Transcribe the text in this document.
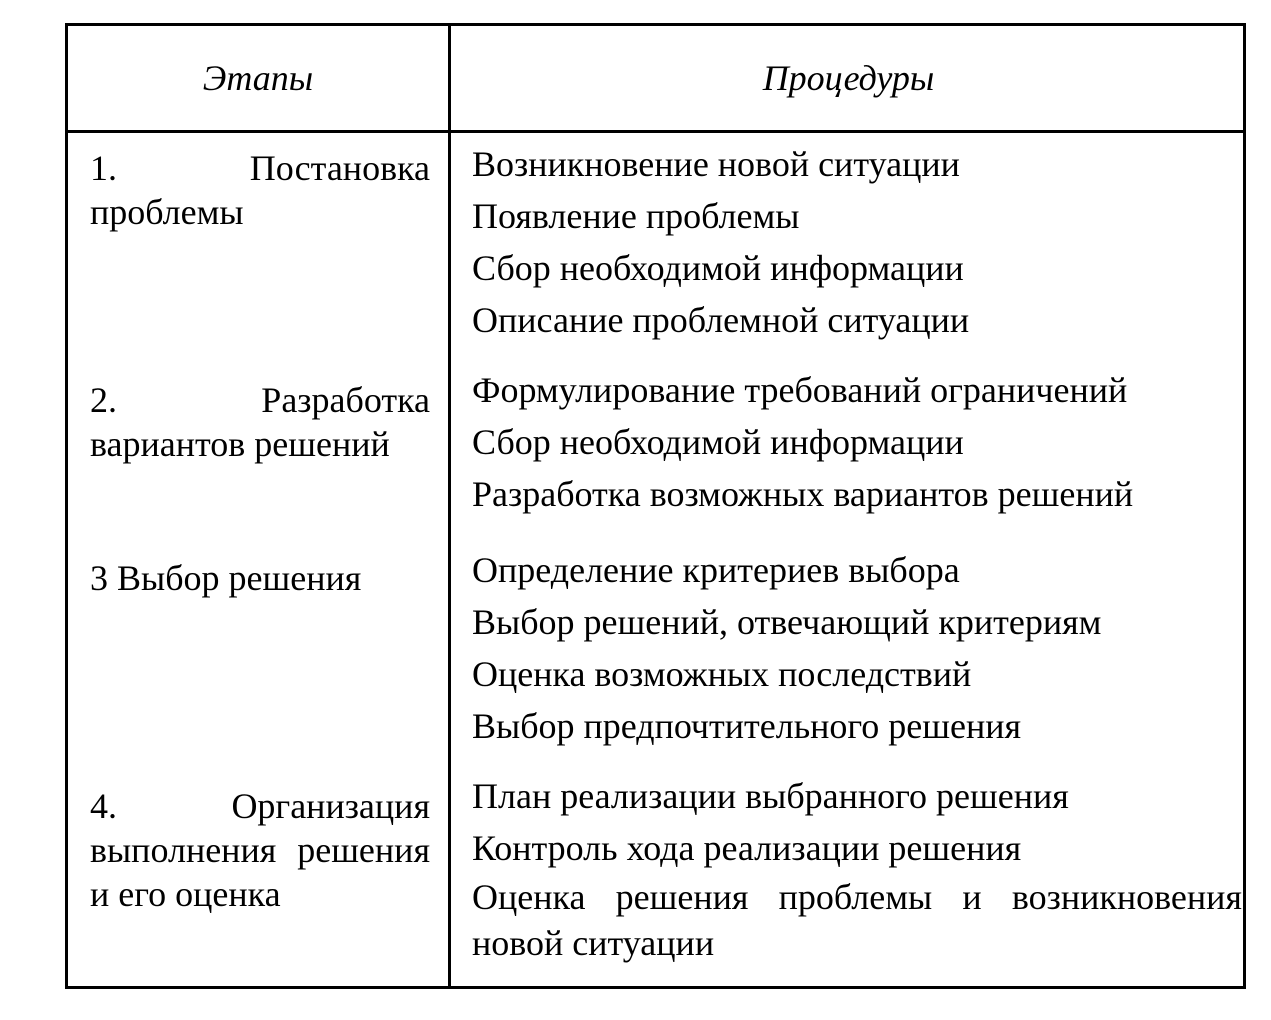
Этапы	Процедуры
1. Постановка проблемы
Возникновение новой ситуации
Появление проблемы
Сбор необходимой информации
Описание проблемной ситуации
2. Разработка вариантов решений
Формулирование требований ограничений
Сбор необходимой информации
Разработка возможных вариантов решений
3 Выбор решения	Определение критериев выбора
Выбор решений, отвечающий критериям
Оценка возможных последствий
Выбор предпочтительного решения
4. Организация выполнения решения и его оценка
План реализации выбранного решения
Контроль хода реализации решения
Оценка решения проблемы и возникновения новой ситуации
